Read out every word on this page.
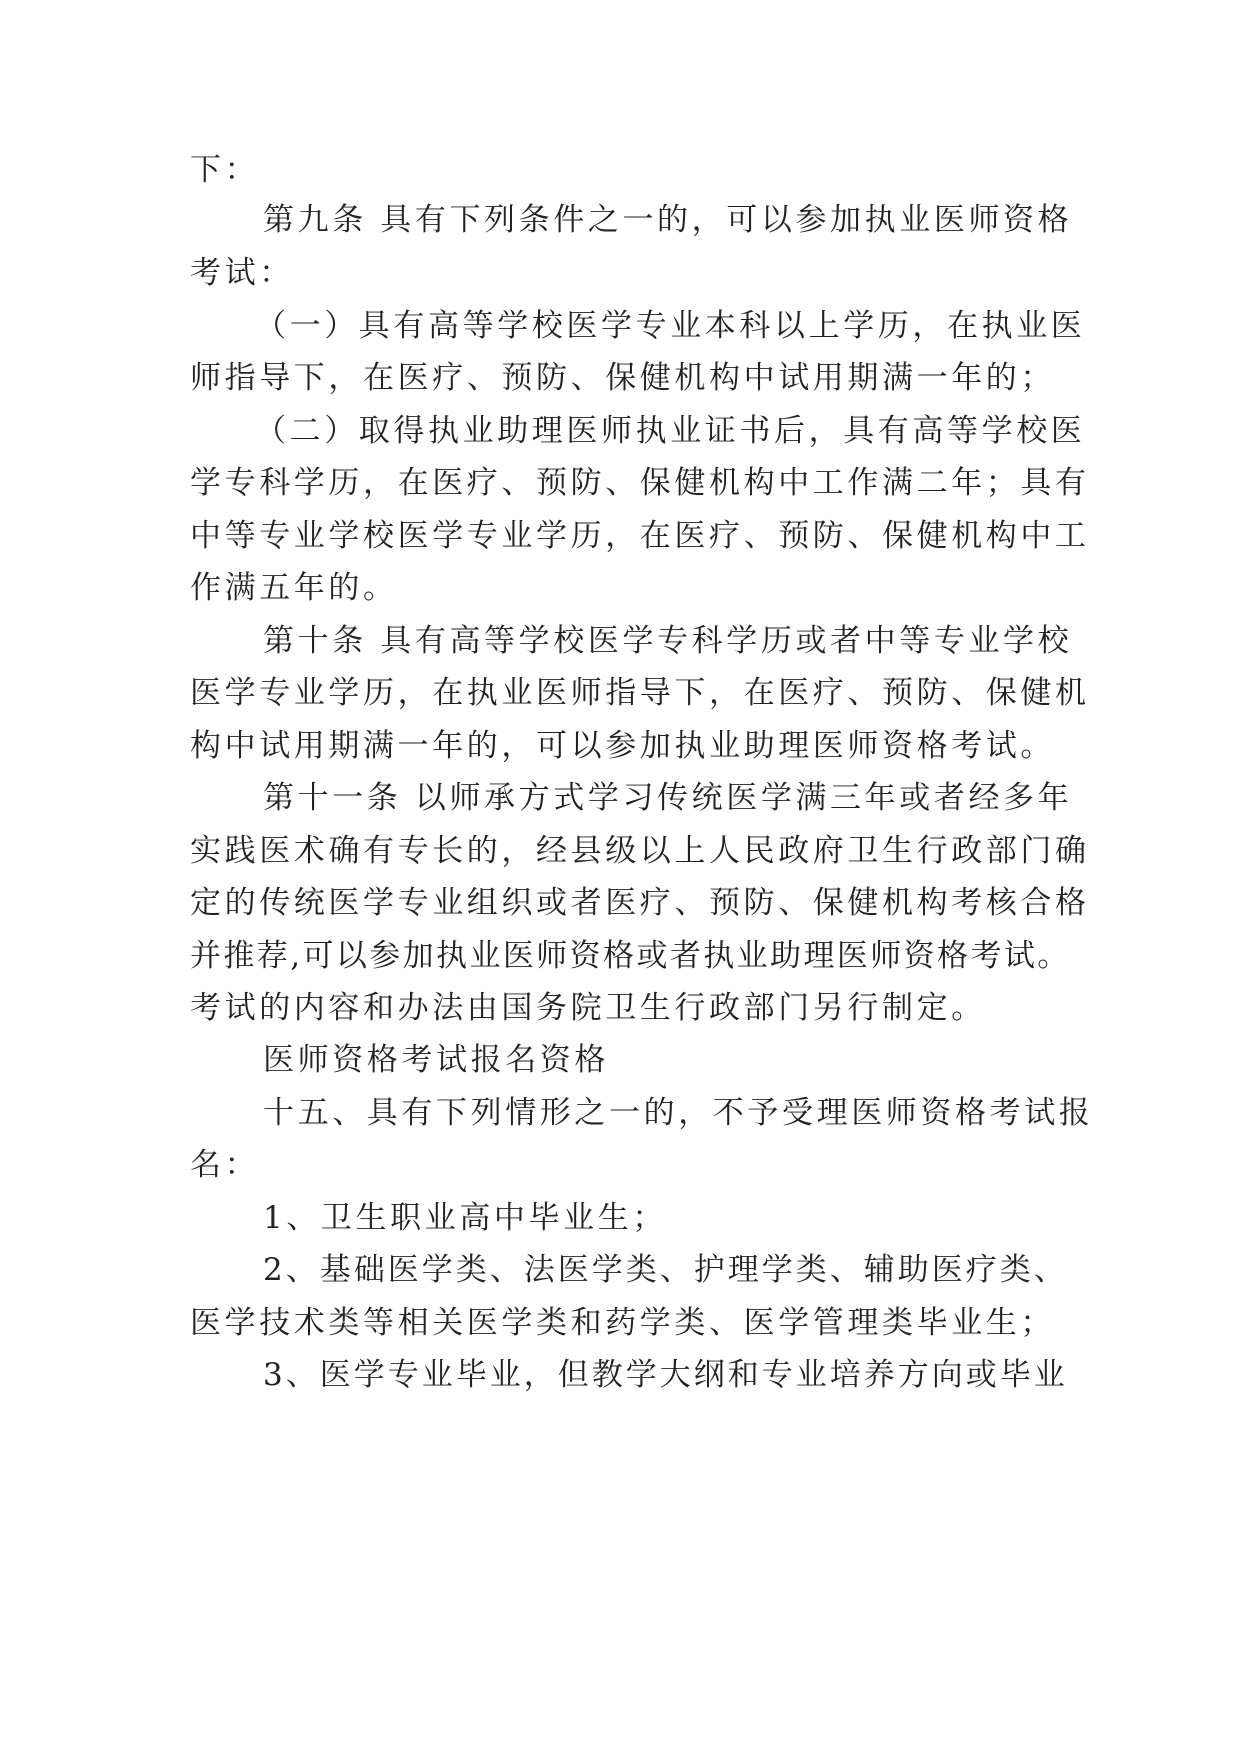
下：
第九条 具有下列条件之一的，可以参加执业医师资格
考试：
（一）具有高等学校医学专业本科以上学历，在执业医
师指导下，在医疗、预防、保健机构中试用期满一年的；
（二）取得执业助理医师执业证书后，具有高等学校医
学专科学历，在医疗、预防、保健机构中工作满二年；具有
中等专业学校医学专业学历，在医疗、预防、保健机构中工
作满五年的。
第十条 具有高等学校医学专科学历或者中等专业学校
医学专业学历，在执业医师指导下，在医疗、预防、保健机
构中试用期满一年的，可以参加执业助理医师资格考试。
第十一条 以师承方式学习传统医学满三年或者经多年
实践医术确有专长的，经县级以上人民政府卫生行政部门确
定的传统医学专业组织或者医疗、预防、保健机构考核合格
并推荐,可以参加执业医师资格或者执业助理医师资格考试。
考试的内容和办法由国务院卫生行政部门另行制定。
医师资格考试报名资格
十五、具有下列情形之一的，不予受理医师资格考试报
名：
1、卫生职业高中毕业生；
2、基础医学类、法医学类、护理学类、辅助医疗类、
医学技术类等相关医学类和药学类、医学管理类毕业生；
3、医学专业毕业，但教学大纲和专业培养方向或毕业
